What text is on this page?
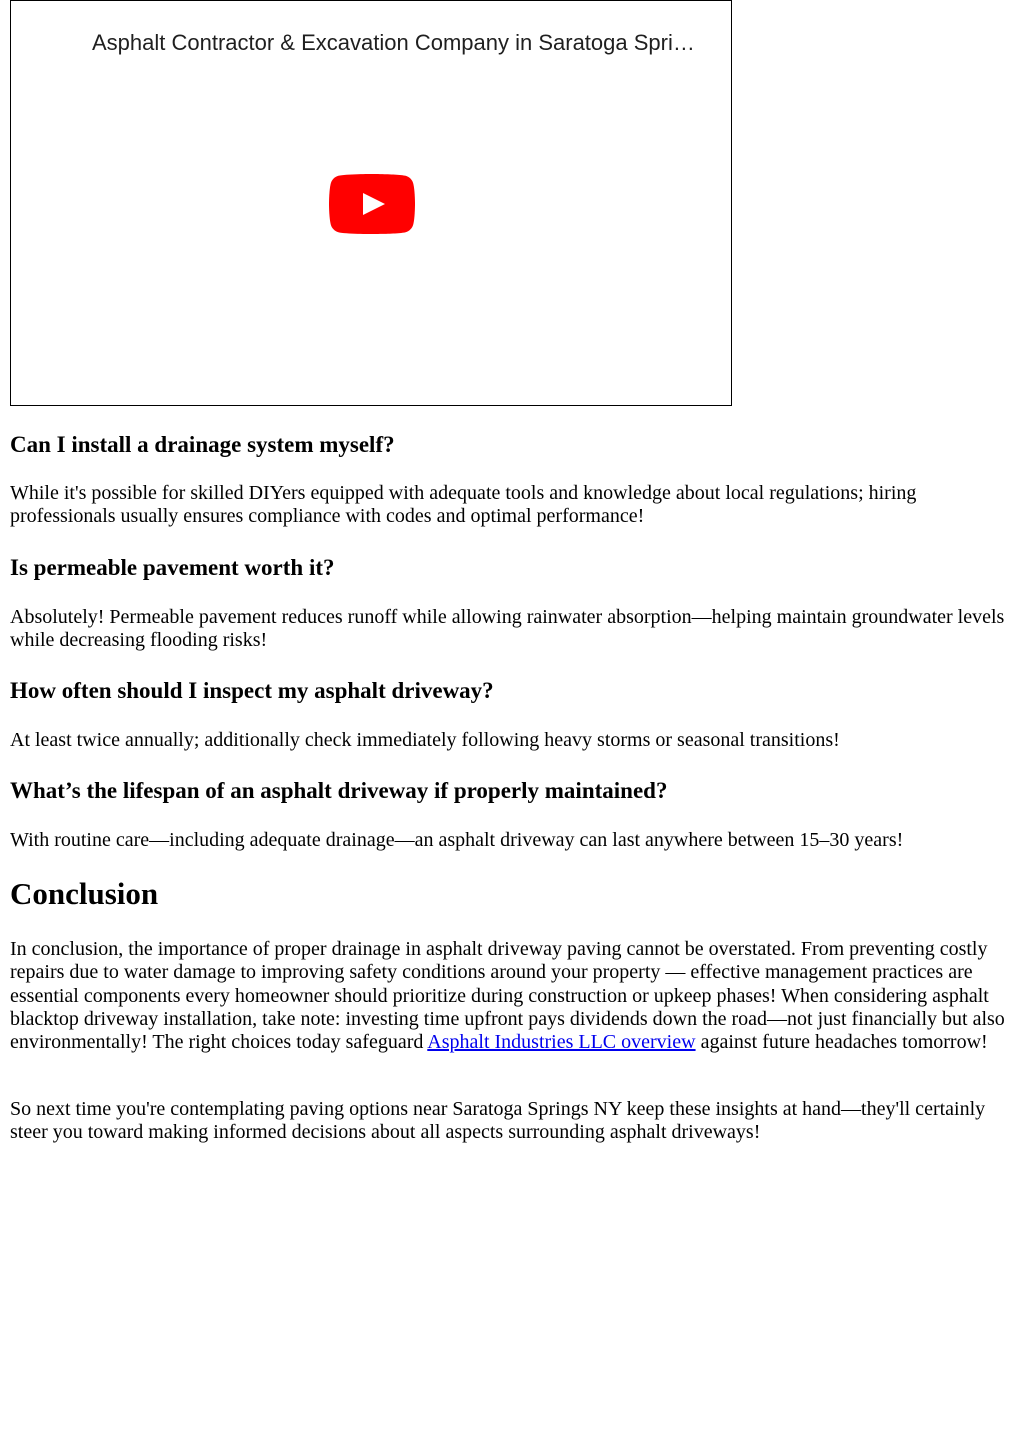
Asphalt Contractor & Excavation Company in Saratoga Spri…
Can I install a drainage system myself?

While it's possible for skilled DIYers equipped with adequate tools and knowledge about local regulations; hiring professionals usually ensures compliance with codes and optimal performance!

Is permeable pavement worth it?

Absolutely! Permeable pavement reduces runoff while allowing rainwater absorption—helping maintain groundwater levels while decreasing flooding risks!

How often should I inspect my asphalt driveway?

At least twice annually; additionally check immediately following heavy storms or seasonal transitions!

What’s the lifespan of an asphalt driveway if properly maintained?

With routine care—including adequate drainage—an asphalt driveway can last anywhere between 15–30 years!

Conclusion

In conclusion, the importance of proper drainage in asphalt driveway paving cannot be overstated. From preventing costly repairs due to water damage to improving safety conditions around your property — effective management practices are essential components every homeowner should prioritize during construction or upkeep phases! When considering asphalt blacktop driveway installation, take note: investing time upfront pays dividends down the road—not just financially but also environmentally! The right choices today safeguard Asphalt Industries LLC overview against future headaches tomorrow!

So next time you're contemplating paving options near Saratoga Springs NY keep these insights at hand—they'll certainly steer you toward making informed decisions about all aspects surrounding asphalt driveways!
